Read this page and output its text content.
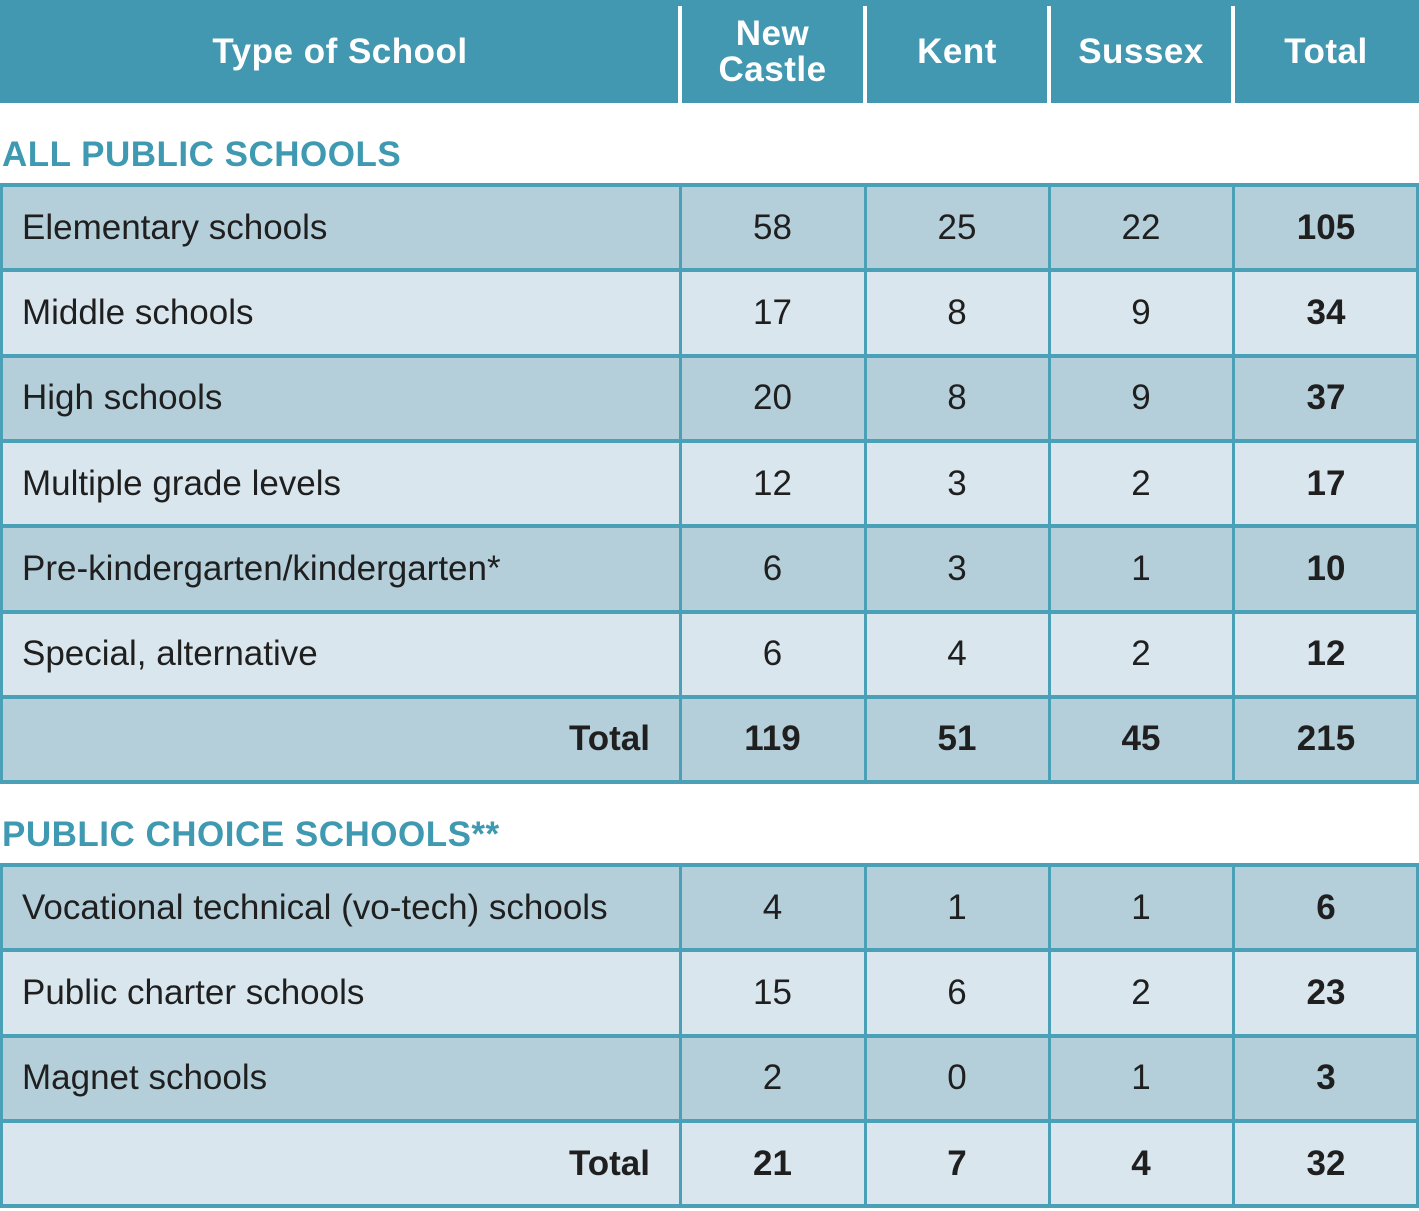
Type of School	New Castle	Kent	Sussex	Total
ALL PUBLIC SCHOOLS
Elementary schools	58	25	22	105
Middle schools	17	8	9	34
High schools	20	8	9	37
Multiple grade levels	12	3	2	17
Pre-kindergarten/kindergarten*	6	3	1	10
Special, alternative	6	4	2	12
Total	119	51	45	215
PUBLIC CHOICE SCHOOLS**
Vocational technical (vo-tech) schools	4	1	1	6
Public charter schools	15	6	2	23
Magnet schools	2	0	1	3
Total	21	7	4	32
